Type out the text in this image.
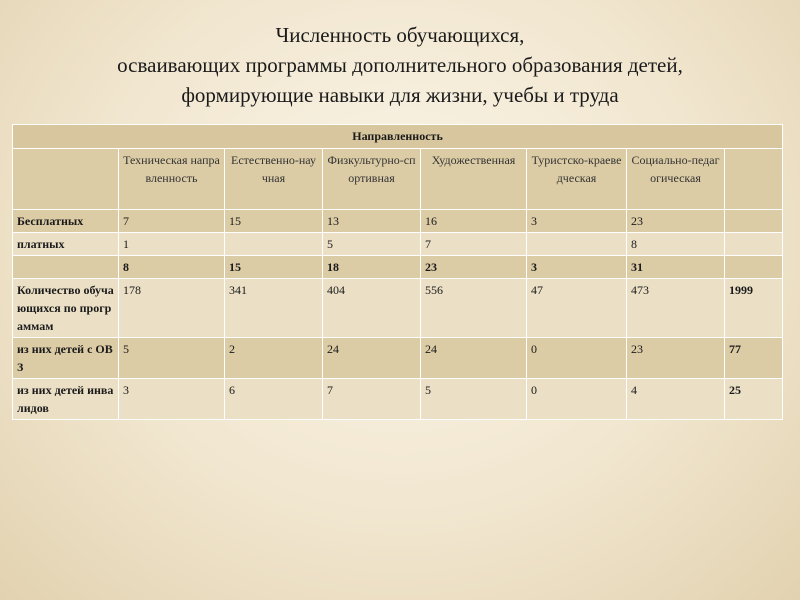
Численность обучающихся,
осваивающих программы дополнительного образования детей,
формирующие навыки для жизни, учебы и труда
Направленность							
	Техническая направленность	Естественно-научная	Физкультурно-спортивная	Художественная	Туристско-краеведческая	Социально-педагогическая	
Бесплатных	7	15	13	16	3	23	
платных	1		5	7		8	
	8	15	18	23	3	31	
Количество обучающихся по программам	178	341	404	556	47	473	1999
из них детей с ОВЗ	5	2	24	24	0	23	77
из них детей инвалидов	3	6	7	5	0	4	25
